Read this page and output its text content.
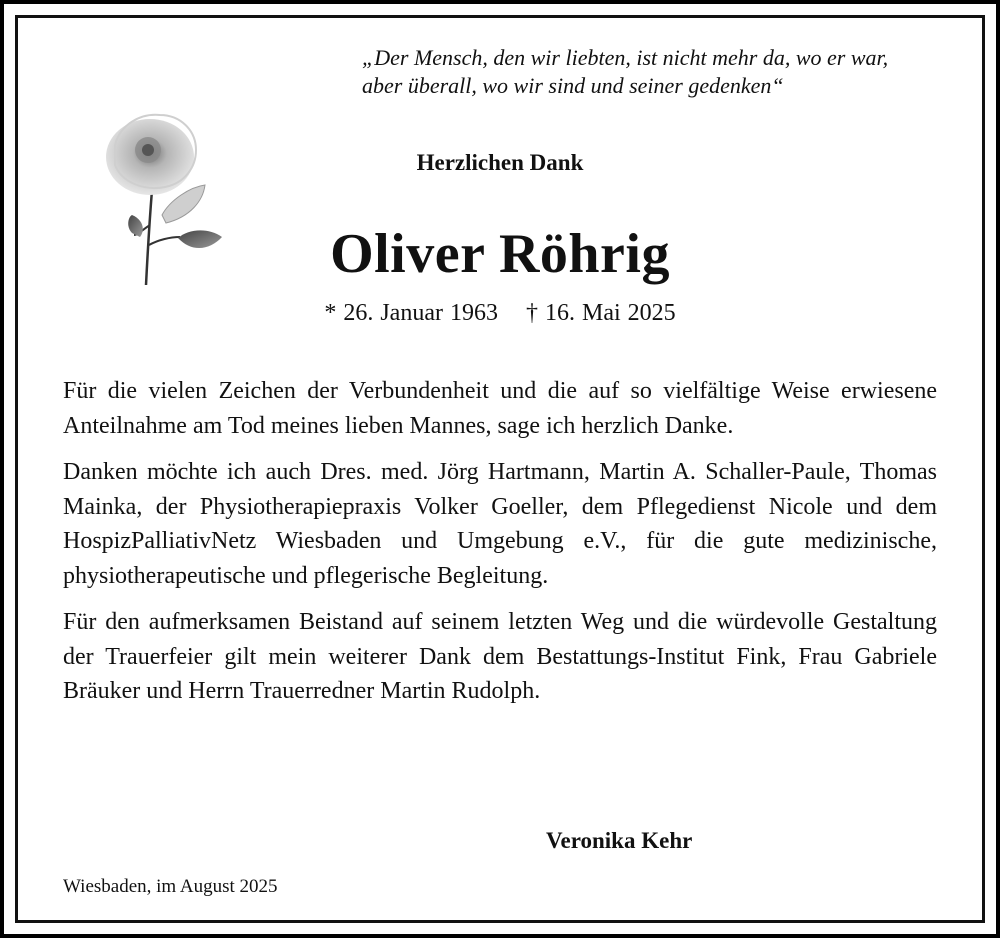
„Der Mensch, den wir liebten, ist nicht mehr da, wo er war,
aber überall, wo wir sind und seiner gedenken“
Herzlichen Dank
Oliver Röhrig
* 26. Januar 1963 † 16. Mai 2025

Für die vielen Zeichen der Verbundenheit und die auf so vielfältige Weise erwiesene Anteilnahme am Tod meines lieben Mannes, sage ich herzlich Danke.

Danken möchte ich auch Dres. med. Jörg Hartmann, Martin A. Schaller-Paule, Thomas Mainka, der Physiotherapiepraxis Volker Goeller, dem Pflegedienst Nicole und dem HospizPalliativNetz Wiesbaden und Umgebung e.V., für die gute medizinische, physiotherapeutische und pflegerische Begleitung.

Für den aufmerksamen Beistand auf seinem letzten Weg und die würdevolle Gestaltung der Trauerfeier gilt mein weiterer Dank dem Bestattungs-Institut Fink, Frau Gabriele Bräuker und Herrn Trauerredner Martin Rudolph.

Veronika Kehr
Wiesbaden, im August 2025
